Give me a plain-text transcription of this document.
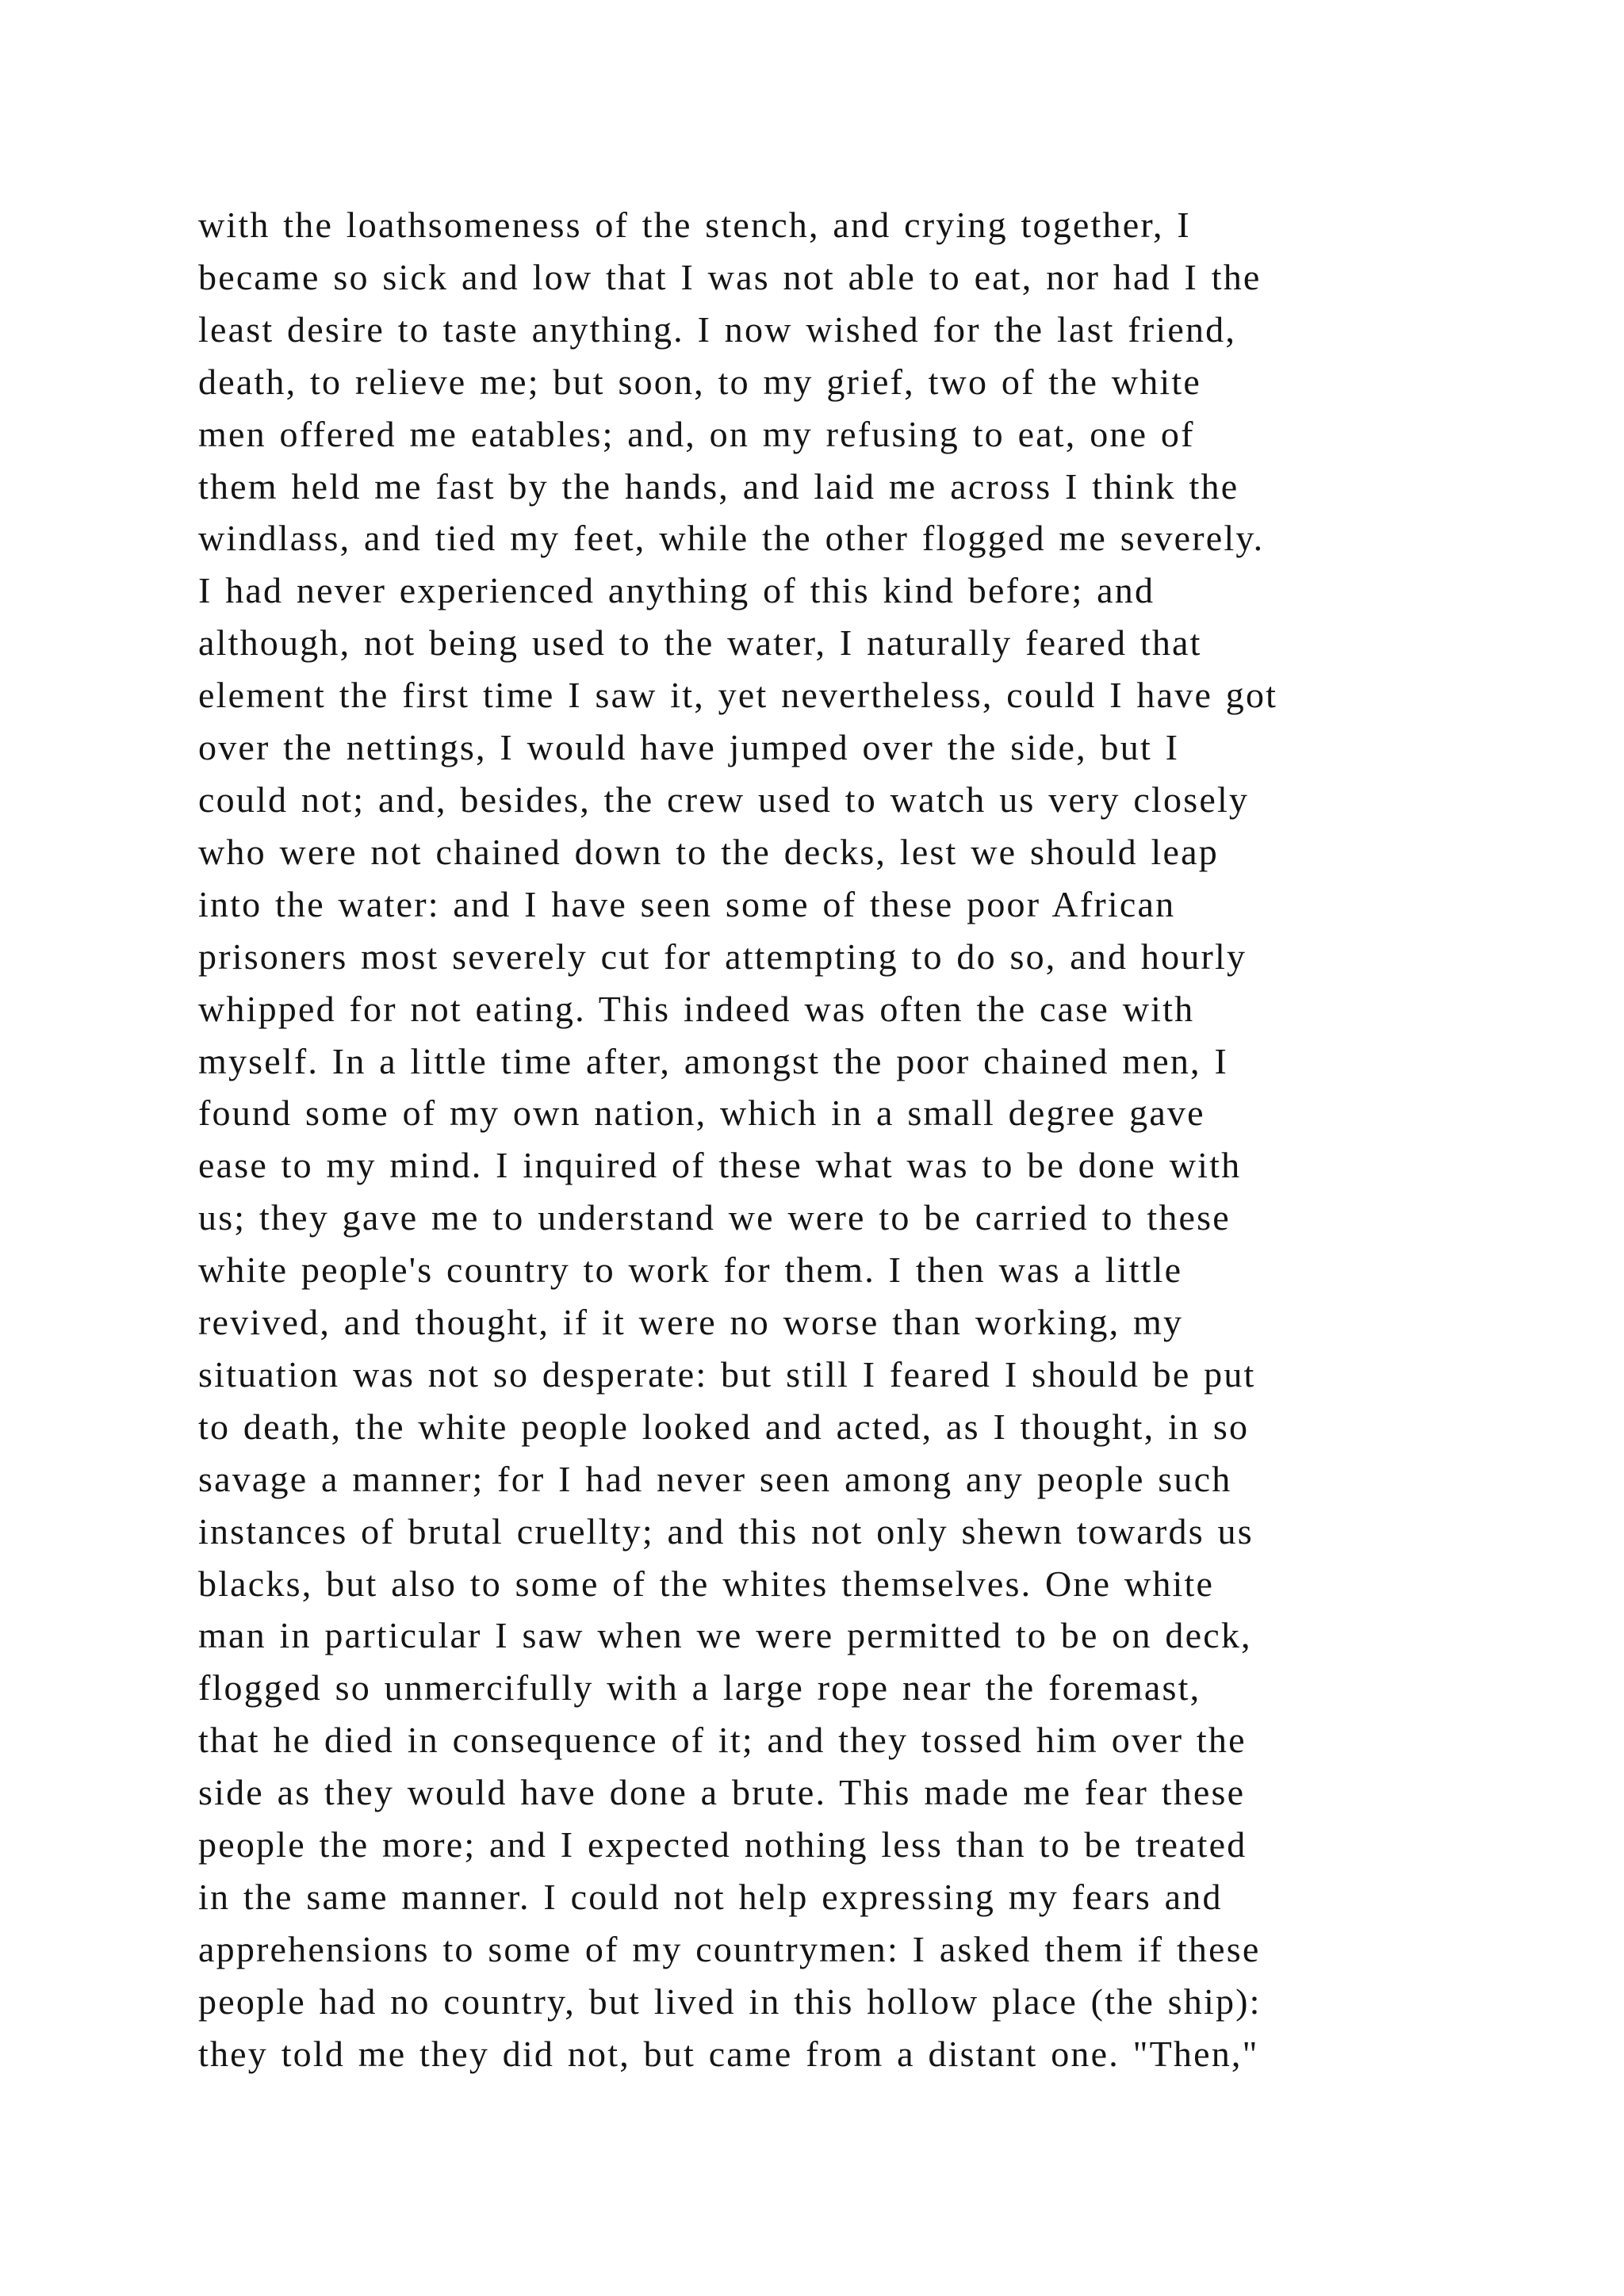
with the loathsomeness of the stench, and crying together, I
became so sick and low that I was not able to eat, nor had I the
least desire to taste anything. I now wished for the last friend,
death, to relieve me; but soon, to my grief, two of the white
men offered me eatables; and, on my refusing to eat, one of
them held me fast by the hands, and laid me across I think the
windlass, and tied my feet, while the other flogged me severely.
I had never experienced anything of this kind before; and
although, not being used to the water, I naturally feared that
element the first time I saw it, yet nevertheless, could I have got
over the nettings, I would have jumped over the side, but I
could not; and, besides, the crew used to watch us very closely
who were not chained down to the decks, lest we should leap
into the water: and I have seen some of these poor African
prisoners most severely cut for attempting to do so, and hourly
whipped for not eating. This indeed was often the case with
myself. In a little time after, amongst the poor chained men, I
found some of my own nation, which in a small degree gave
ease to my mind. I inquired of these what was to be done with
us; they gave me to understand we were to be carried to these
white people's country to work for them. I then was a little
revived, and thought, if it were no worse than working, my
situation was not so desperate: but still I feared I should be put
to death, the white people looked and acted, as I thought, in so
savage a manner; for I had never seen among any people such
instances of brutal cruellty; and this not only shewn towards us
blacks, but also to some of the whites themselves. One white
man in particular I saw when we were permitted to be on deck,
flogged so unmercifully with a large rope near the foremast,
that he died in consequence of it; and they tossed him over the
side as they would have done a brute. This made me fear these
people the more; and I expected nothing less than to be treated
in the same manner. I could not help expressing my fears and
apprehensions to some of my countrymen: I asked them if these
people had no country, but lived in this hollow place (the ship):
they told me they did not, but came from a distant one. "Then,"
